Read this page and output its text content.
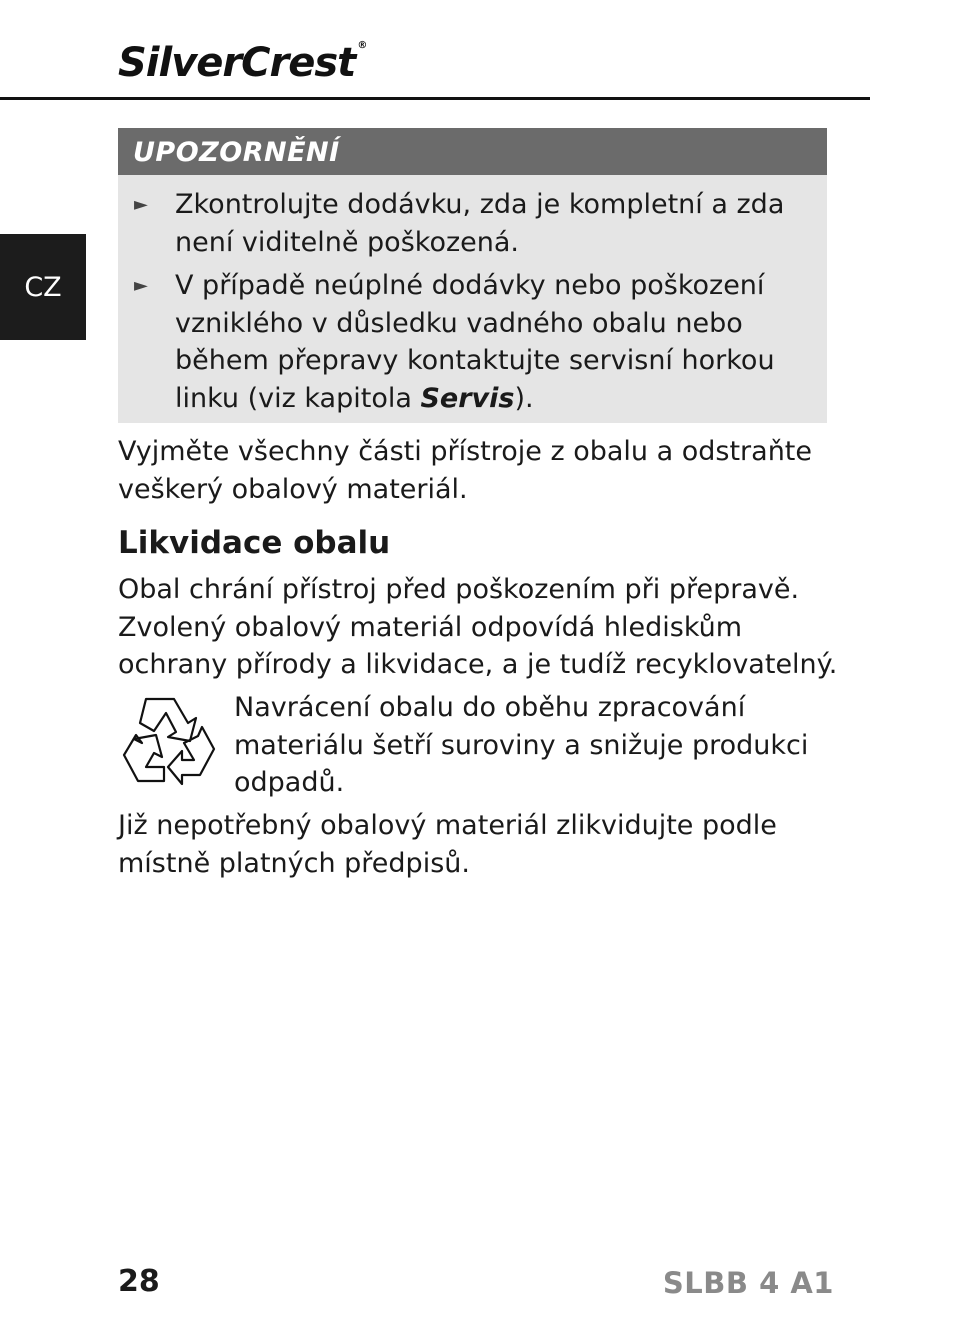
SilverCrest ®
CZ
UPOZORNĚNÍ
► Zkontrolujte dodávku, zda je kompletní a zda není viditelně poškozená.
► V případě neúplné dodávky nebo poškození vzniklého v důsledku vadného obalu nebo během přepravy kontaktujte servisní horkou linku (viz kapitola Servis).

Vyjměte všechny části přístroje z obalu a odstraňte veškerý obalový materiál.

Likvidace obalu

Obal chrání přístroj před poškozením při přepravě. Zvolený obalový materiál odpovídá hlediskům ochrany přírody a likvidace, a je tudíž recyklovatelný.

Navrácení obalu do oběhu zpracování materiálu šetří suroviny a snižuje produkci odpadů.

Již nepotřebný obalový materiál zlikvidujte podle místně platných předpisů.

28	SLBB 4 A1
